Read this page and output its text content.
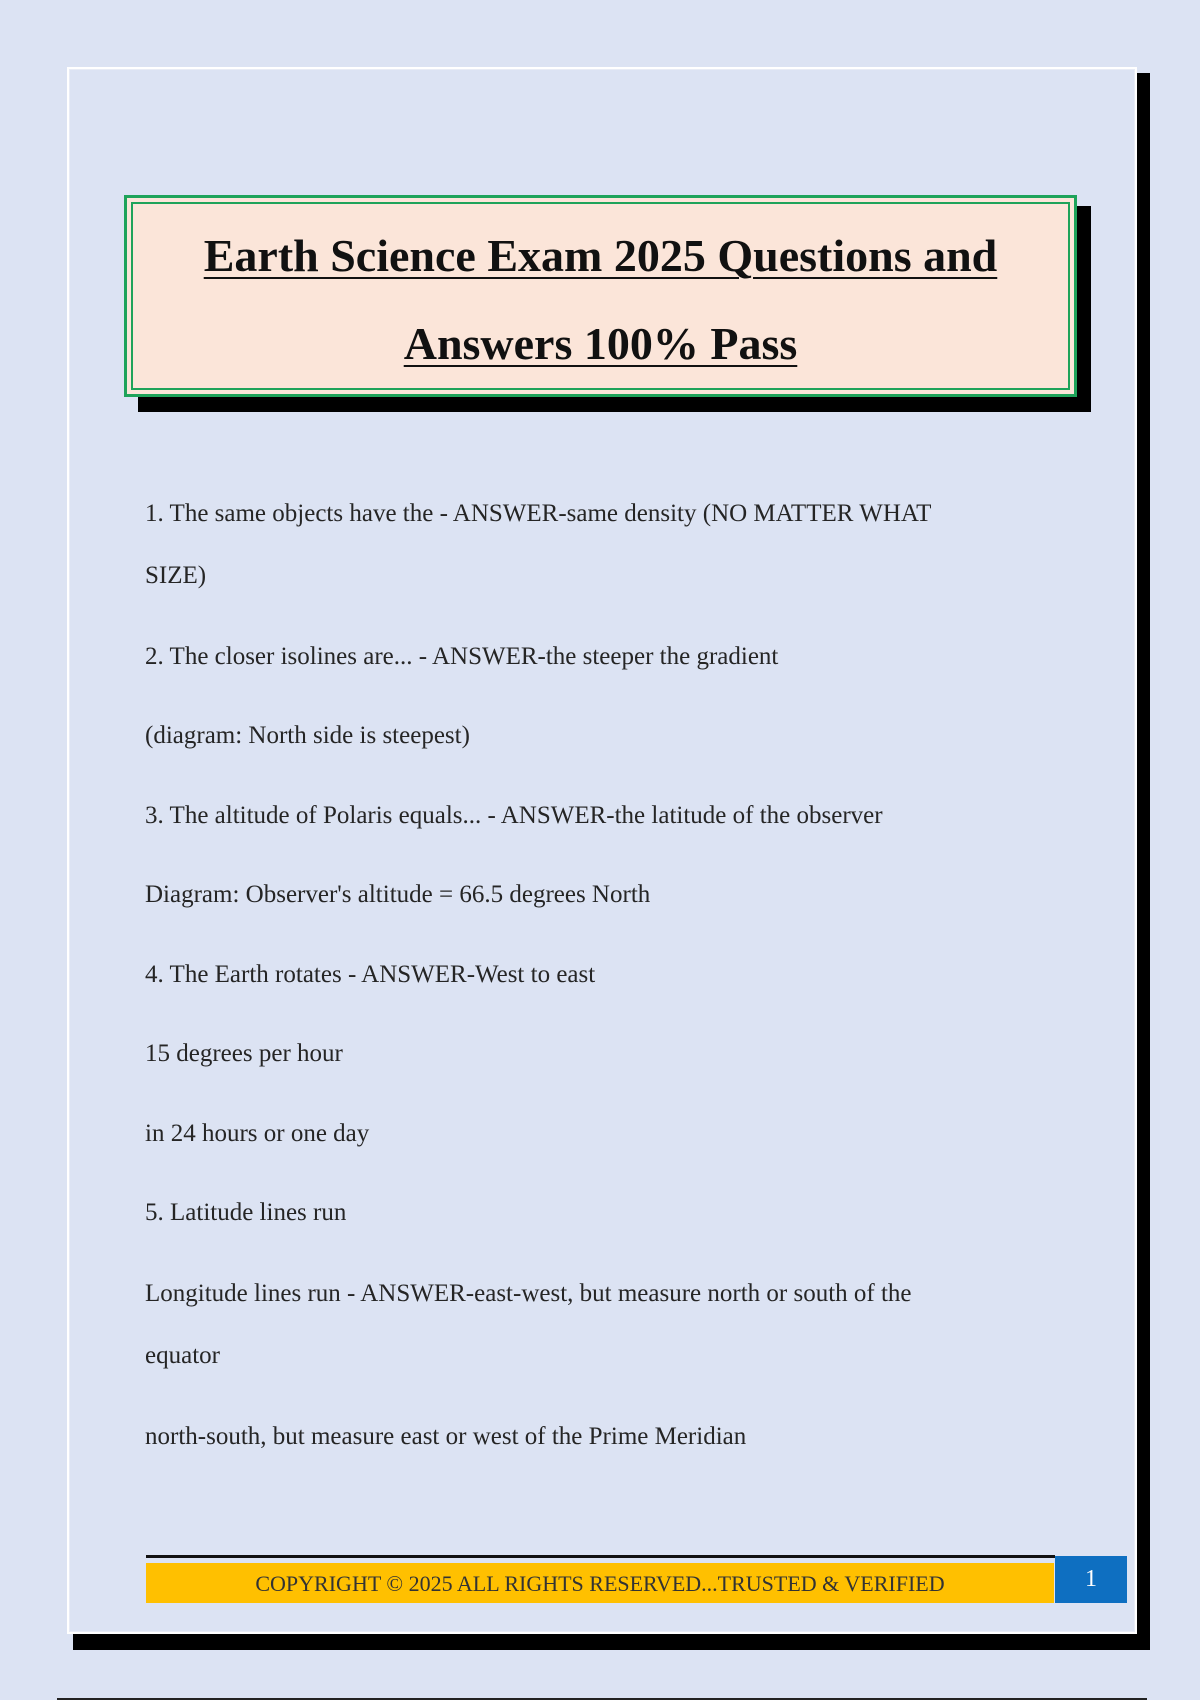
Earth Science Exam 2025 Questions and
Answers 100% Pass

1. The same objects have the - ANSWER-same density (NO MATTER WHAT

SIZE)

2. The closer isolines are... - ANSWER-the steeper the gradient

(diagram: North side is steepest)

3. The altitude of Polaris equals... - ANSWER-the latitude of the observer

Diagram: Observer's altitude = 66.5 degrees North

4. The Earth rotates - ANSWER-West to east

15 degrees per hour

in 24 hours or one day

5. Latitude lines run

Longitude lines run - ANSWER-east-west, but measure north or south of the

equator

north-south, but measure east or west of the Prime Meridian

COPYRIGHT © 2025 ALL RIGHTS RESERVED...TRUSTED & VERIFIED	1
